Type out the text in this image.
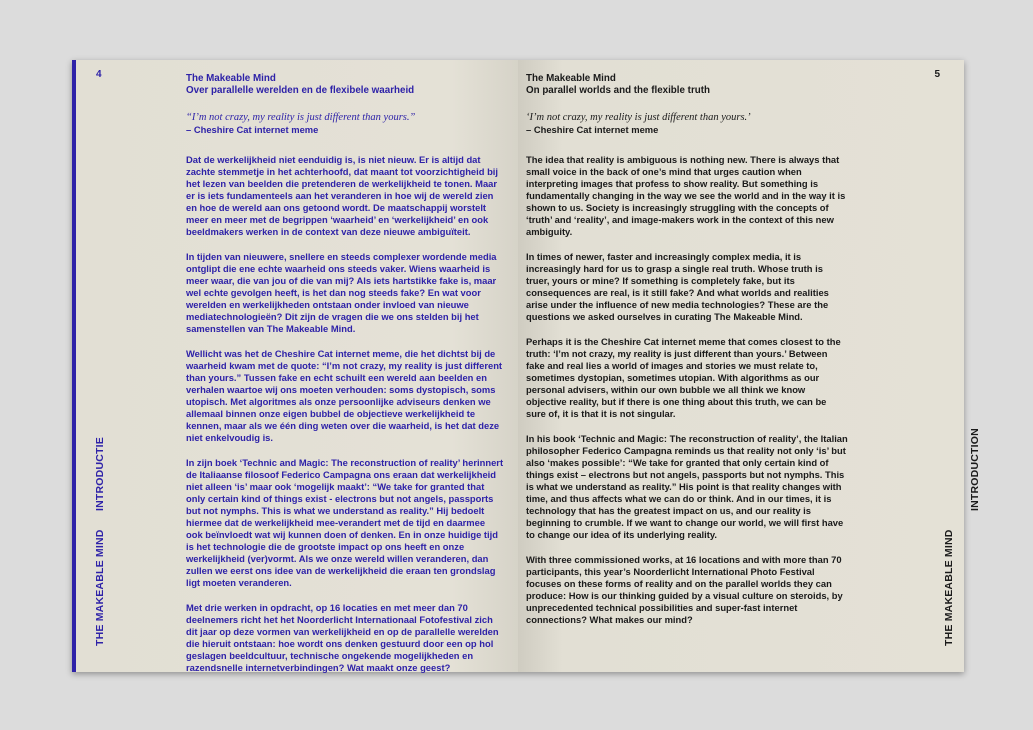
4
THE MAKEABLE MIND
INTRODUCTIE

The Makeable Mind

Over parallelle werelden en de flexibele waarheid

“I’m not crazy, my reality is just different than yours.”

– Cheshire Cat internet meme

Dat de werkelijkheid niet eenduidig is, is niet nieuw. Er is altijd dat zachte stemmetje in het achterhoofd, dat maant tot voorzichtigheid bij het lezen van beelden die pretenderen de werkelijkheid te tonen. Maar er is iets fundamenteels aan het veranderen in hoe wij de wereld zien en hoe de wereld aan ons getoond wordt. De maatschappij worstelt meer en meer met de begrippen ‘waarheid’ en ‘werkelijkheid’ en ook beeldmakers werken in de context van deze nieuwe ambiguïteit.

In tijden van nieuwere, snellere en steeds complexer wordende media ontglipt die ene echte waarheid ons steeds vaker. Wiens waarheid is meer waar, die van jou of die van mij? Als iets hartstikke fake is, maar wel echte gevolgen heeft, is het dan nog steeds fake? En wat voor werelden en werkelijkheden ontstaan onder invloed van nieuwe mediatechnologieën? Dit zijn de vragen die we ons stelden bij het samenstellen van The Makeable Mind.

Wellicht was het de Cheshire Cat internet meme, die het dichtst bij de waarheid kwam met de quote: “I’m not crazy, my reality is just different than yours.” Tussen fake en echt schuilt een wereld aan beelden en verhalen waartoe wij ons moeten verhouden: soms dystopisch, soms utopisch. Met algoritmes als onze persoonlijke adviseurs denken we allemaal binnen onze eigen bubbel de objectieve werkelijkheid te kennen, maar als we één ding weten over die waarheid, is het dat deze niet enkelvoudig is.

In zijn boek ‘Technic and Magic: The reconstruction of reality’ herinnert de Italiaanse filosoof Federico Campagna ons eraan dat werkelijkheid niet alleen ‘is’ maar ook ‘mogelijk maakt’: “We take for granted that only certain kind of things exist - electrons but not angels, passports but not nymphs. This is what we understand as reality.” Hij bedoelt hiermee dat de werkelijkheid mee-verandert met de tijd en daarmee ook beïnvloedt wat wij kunnen doen of denken. En in onze huidige tijd is het technologie die de grootste impact op ons heeft en onze werkelijkheid (ver)vormt. Als we onze wereld willen veranderen, dan zullen we eerst ons idee van de werkelijkheid die eraan ten grondslag ligt moeten veranderen.

Met drie werken in opdracht, op 16 locaties en met meer dan 70 deelnemers richt het het Noorderlicht Internationaal Fotofestival zich dit jaar op deze vormen van werkelijkheid en op de parallelle werelden die hieruit ontstaan: hoe wordt ons denken gestuurd door een op hol geslagen beeldcultuur, technische ongekende mogelijkheden en razendsnelle internetverbindingen? Wat maakt onze geest?

5
THE MAKEABLE MIND
INTRODUCTION

The Makeable Mind

On parallel worlds and the flexible truth

‘I’m not crazy, my reality is just different than yours.’

– Cheshire Cat internet meme

The idea that reality is ambiguous is nothing new. There is always that small voice in the back of one’s mind that urges caution when interpreting images that profess to show reality. But something is fundamentally changing in the way we see the world and in the way it is shown to us. Society is increasingly struggling with the concepts of ‘truth’ and ‘reality’, and image-makers work in the context of this new ambiguity.

In times of newer, faster and increasingly complex media, it is increasingly hard for us to grasp a single real truth. Whose truth is truer, yours or mine? If something is completely fake, but its consequences are real, is it still fake? And what worlds and realities arise under the influence of new media technologies? These are the questions we asked ourselves in curating The Makeable Mind.

Perhaps it is the Cheshire Cat internet meme that comes closest to the truth: ‘I’m not crazy, my reality is just different than yours.’ Between fake and real lies a world of images and stories we must relate to, sometimes dystopian, sometimes utopian. With algorithms as our personal advisers, within our own bubble we all think we know objective reality, but if there is one thing about this truth, we can be sure of, it is that it is not singular.

In his book ‘Technic and Magic: The reconstruction of reality’, the Italian philosopher Federico Campagna reminds us that reality not only ‘is’ but also ‘makes possible’: “We take for granted that only certain kind of things exist – electrons but not angels, passports but not nymphs. This is what we understand as reality.” His point is that reality changes with time, and thus affects what we can do or think. And in our times, it is technology that has the greatest impact on us, and our reality is beginning to crumble. If we want to change our world, we will first have to change our idea of its underlying reality.

With three commissioned works, at 16 locations and with more than 70 participants, this year’s Noorderlicht International Photo Festival focuses on these forms of reality and on the parallel worlds they can produce: How is our thinking guided by a visual culture on steroids, by unprecedented technical possibilities and super-fast internet connections? What makes our mind?
